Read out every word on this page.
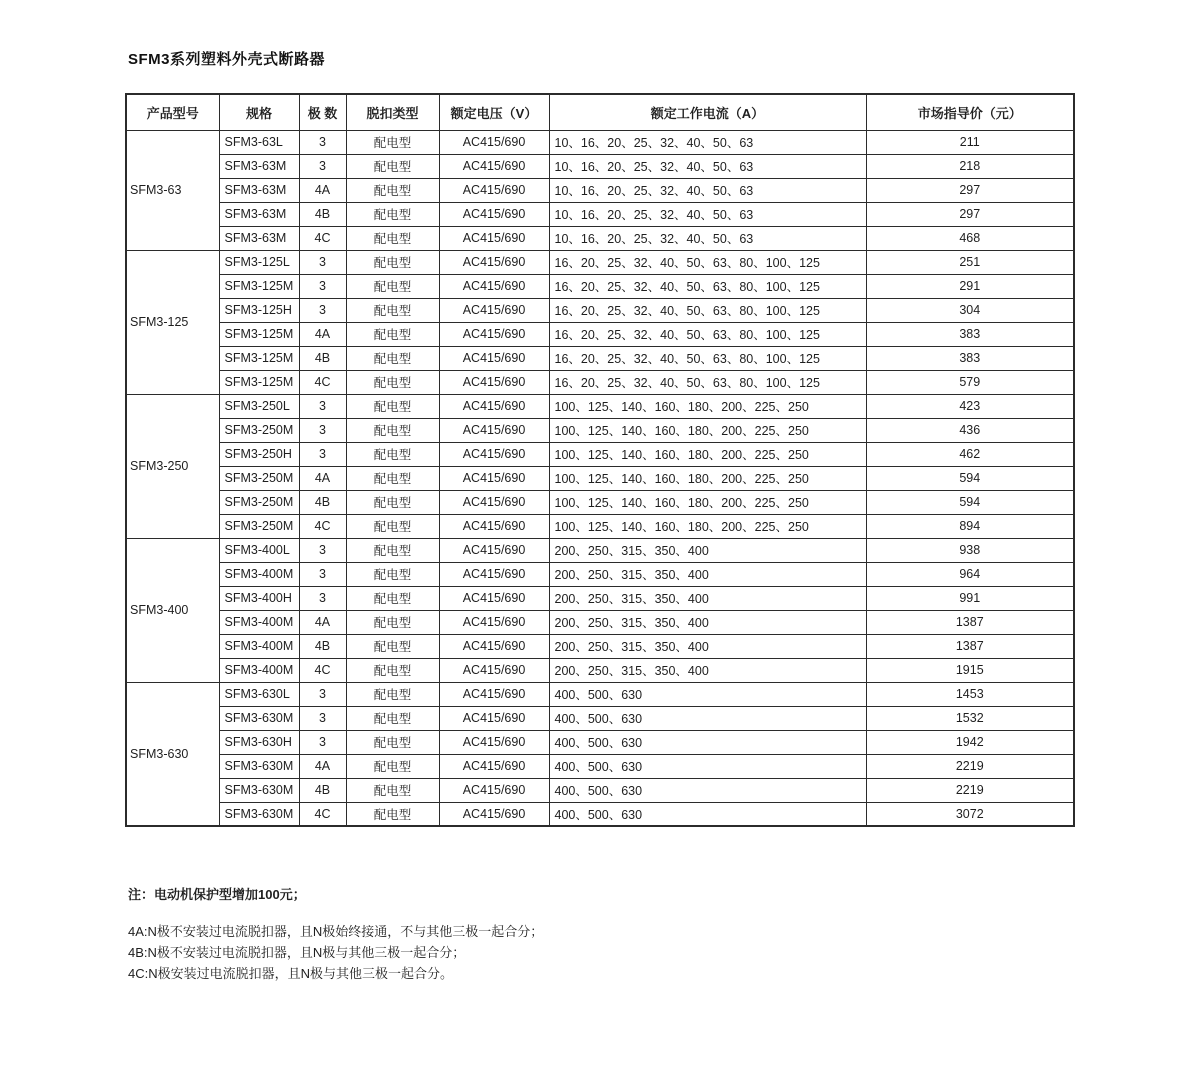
SFM3系列塑料外壳式断路器
产品型号	规格	极 数	脱扣类型	额定电压（V）	额定工作电流（A）	市场指导价（元）
SFM3-63	SFM3-63L	3	配电型	AC415/690	10、16、20、25、32、40、50、63	211
	SFM3-63M	3	配电型	AC415/690	10、16、20、25、32、40、50、63	218
	SFM3-63M	4A	配电型	AC415/690	10、16、20、25、32、40、50、63	297
	SFM3-63M	4B	配电型	AC415/690	10、16、20、25、32、40、50、63	297
	SFM3-63M	4C	配电型	AC415/690	10、16、20、25、32、40、50、63	468
SFM3-125	SFM3-125L	3	配电型	AC415/690	16、20、25、32、40、50、63、80、100、125	251
	SFM3-125M	3	配电型	AC415/690	16、20、25、32、40、50、63、80、100、125	291
	SFM3-125H	3	配电型	AC415/690	16、20、25、32、40、50、63、80、100、125	304
	SFM3-125M	4A	配电型	AC415/690	16、20、25、32、40、50、63、80、100、125	383
	SFM3-125M	4B	配电型	AC415/690	16、20、25、32、40、50、63、80、100、125	383
	SFM3-125M	4C	配电型	AC415/690	16、20、25、32、40、50、63、80、100、125	579
SFM3-250	SFM3-250L	3	配电型	AC415/690	100、125、140、160、180、200、225、250	423
	SFM3-250M	3	配电型	AC415/690	100、125、140、160、180、200、225、250	436
	SFM3-250H	3	配电型	AC415/690	100、125、140、160、180、200、225、250	462
	SFM3-250M	4A	配电型	AC415/690	100、125、140、160、180、200、225、250	594
	SFM3-250M	4B	配电型	AC415/690	100、125、140、160、180、200、225、250	594
	SFM3-250M	4C	配电型	AC415/690	100、125、140、160、180、200、225、250	894
SFM3-400	SFM3-400L	3	配电型	AC415/690	200、250、315、350、400	938
	SFM3-400M	3	配电型	AC415/690	200、250、315、350、400	964
	SFM3-400H	3	配电型	AC415/690	200、250、315、350、400	991
	SFM3-400M	4A	配电型	AC415/690	200、250、315、350、400	1387
	SFM3-400M	4B	配电型	AC415/690	200、250、315、350、400	1387
	SFM3-400M	4C	配电型	AC415/690	200、250、315、350、400	1915
SFM3-630	SFM3-630L	3	配电型	AC415/690	400、500、630	1453
	SFM3-630M	3	配电型	AC415/690	400、500、630	1532
	SFM3-630H	3	配电型	AC415/690	400、500、630	1942
	SFM3-630M	4A	配电型	AC415/690	400、500、630	2219
	SFM3-630M	4B	配电型	AC415/690	400、500、630	2219
	SFM3-630M	4C	配电型	AC415/690	400、500、630	3072
注：电动机保护型增加100元；
4A:N极不安装过电流脱扣器，且N极始终接通，不与其他三极一起合分；
4B:N极不安装过电流脱扣器，且N极与其他三极一起合分；
4C:N极安装过电流脱扣器，且N极与其他三极一起合分。
